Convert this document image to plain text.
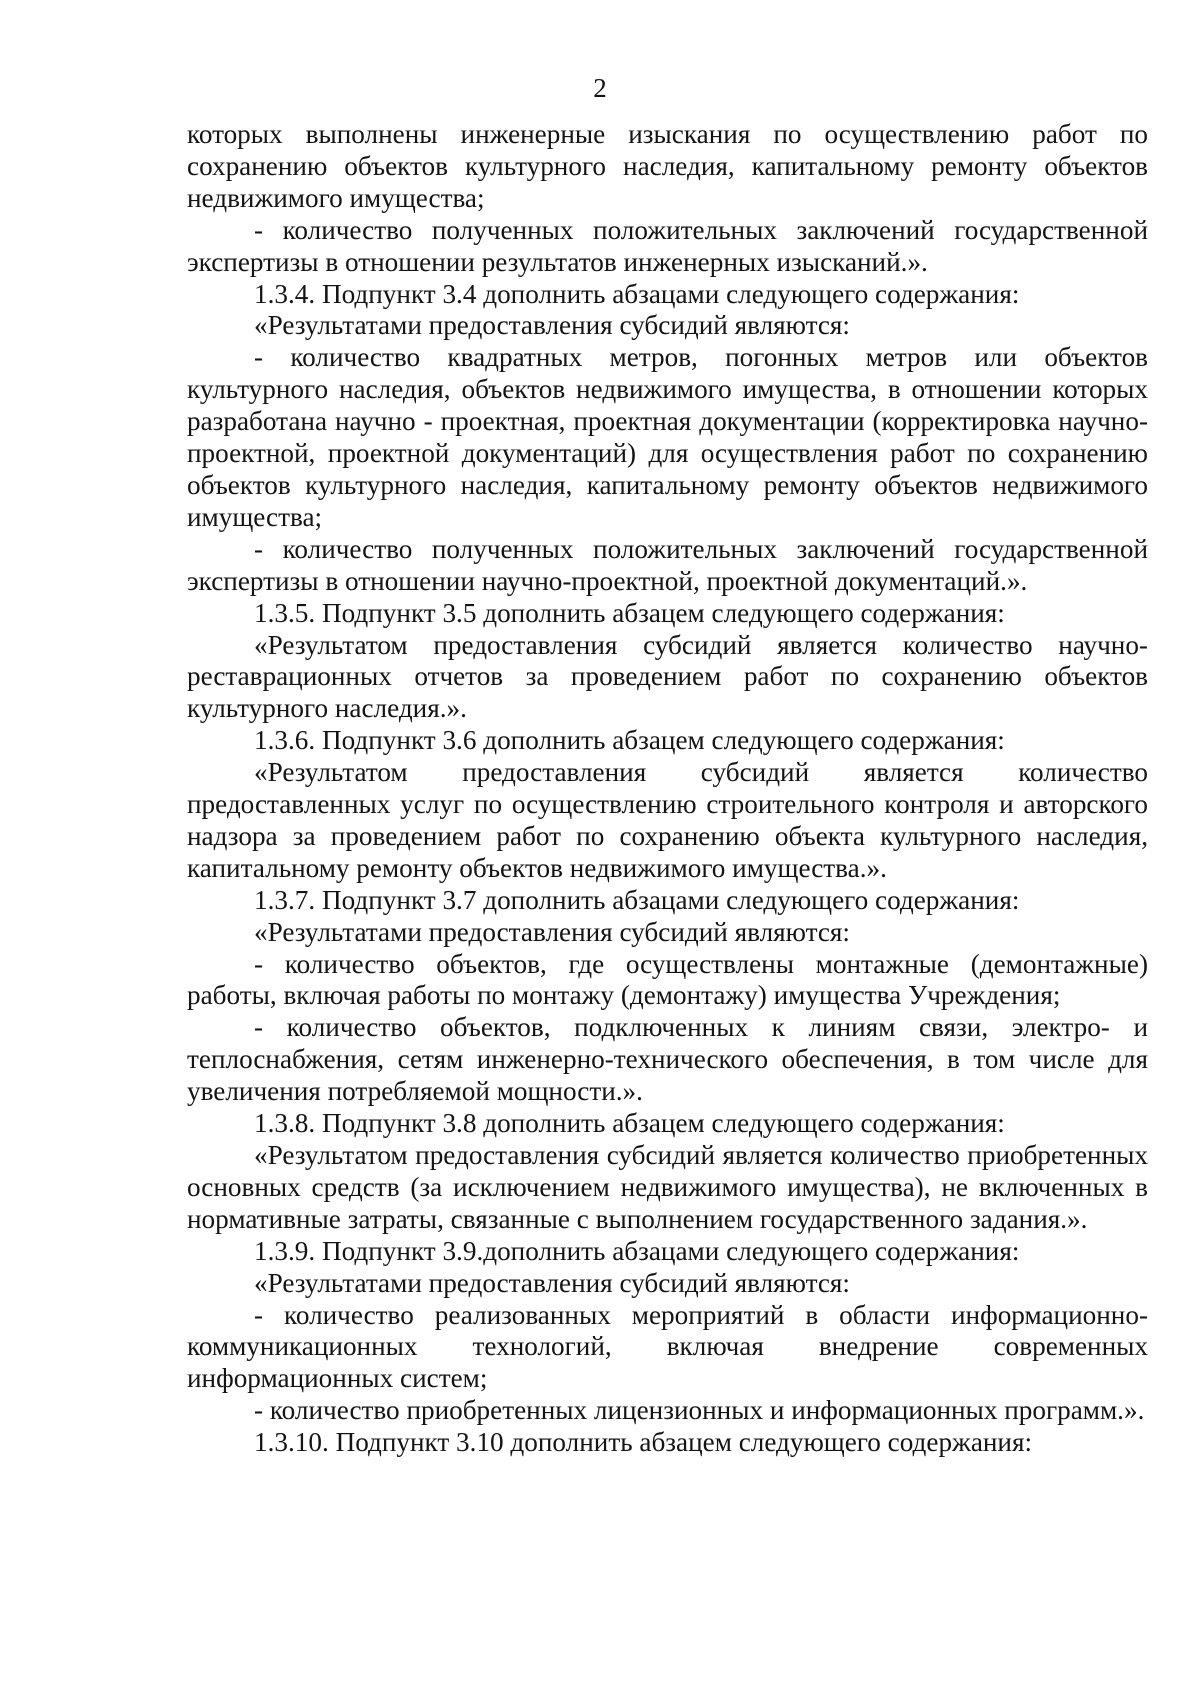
2

которых выполнены инженерные изыскания по осуществлению работ по сохранению объектов культурного наследия, капитальному ремонту объектов недвижимого имущества;

- количество полученных положительных заключений государственной экспертизы в отношении результатов инженерных изысканий.».

1.3.4. Подпункт 3.4 дополнить абзацами следующего содержания:

«Результатами предоставления субсидий являются:

- количество квадратных метров, погонных метров или объектов культурного наследия, объектов недвижимого имущества, в отношении которых разработана научно - проектная, проектная документации (корректировка научно-проектной, проектной документаций) для осуществления работ по сохранению объектов культурного наследия, капитальному ремонту объектов недвижимого имущества;

- количество полученных положительных заключений государственной экспертизы в отношении научно-проектной, проектной документаций.».

1.3.5. Подпункт 3.5 дополнить абзацем следующего содержания:

«Результатом предоставления субсидий является количество научно-реставрационных отчетов за проведением работ по сохранению объектов культурного наследия.».

1.3.6. Подпункт 3.6 дополнить абзацем следующего содержания:

«Результатом предоставления субсидий является количество предоставленных услуг по осуществлению строительного контроля и авторского надзора за проведением работ по сохранению объекта культурного наследия, капитальному ремонту объектов недвижимого имущества.».

1.3.7. Подпункт 3.7 дополнить абзацами следующего содержания:

«Результатами предоставления субсидий являются:

- количество объектов, где осуществлены монтажные (демонтажные) работы, включая работы по монтажу (демонтажу) имущества Учреждения;

- количество объектов, подключенных к линиям связи, электро- и теплоснабжения, сетям инженерно-технического обеспечения, в том числе для увеличения потребляемой мощности.».

1.3.8. Подпункт 3.8 дополнить абзацем следующего содержания:

«Результатом предоставления субсидий является количество приобретенных основных средств (за исключением недвижимого имущества), не включенных в нормативные затраты, связанные с выполнением государственного задания.».

1.3.9. Подпункт 3.9.дополнить абзацами следующего содержания:

«Результатами предоставления субсидий являются:

- количество реализованных мероприятий в области информационно-коммуникационных технологий, включая внедрение современных информационных систем;

- количество приобретенных лицензионных и информационных программ.».

1.3.10. Подпункт 3.10 дополнить абзацем следующего содержания:
